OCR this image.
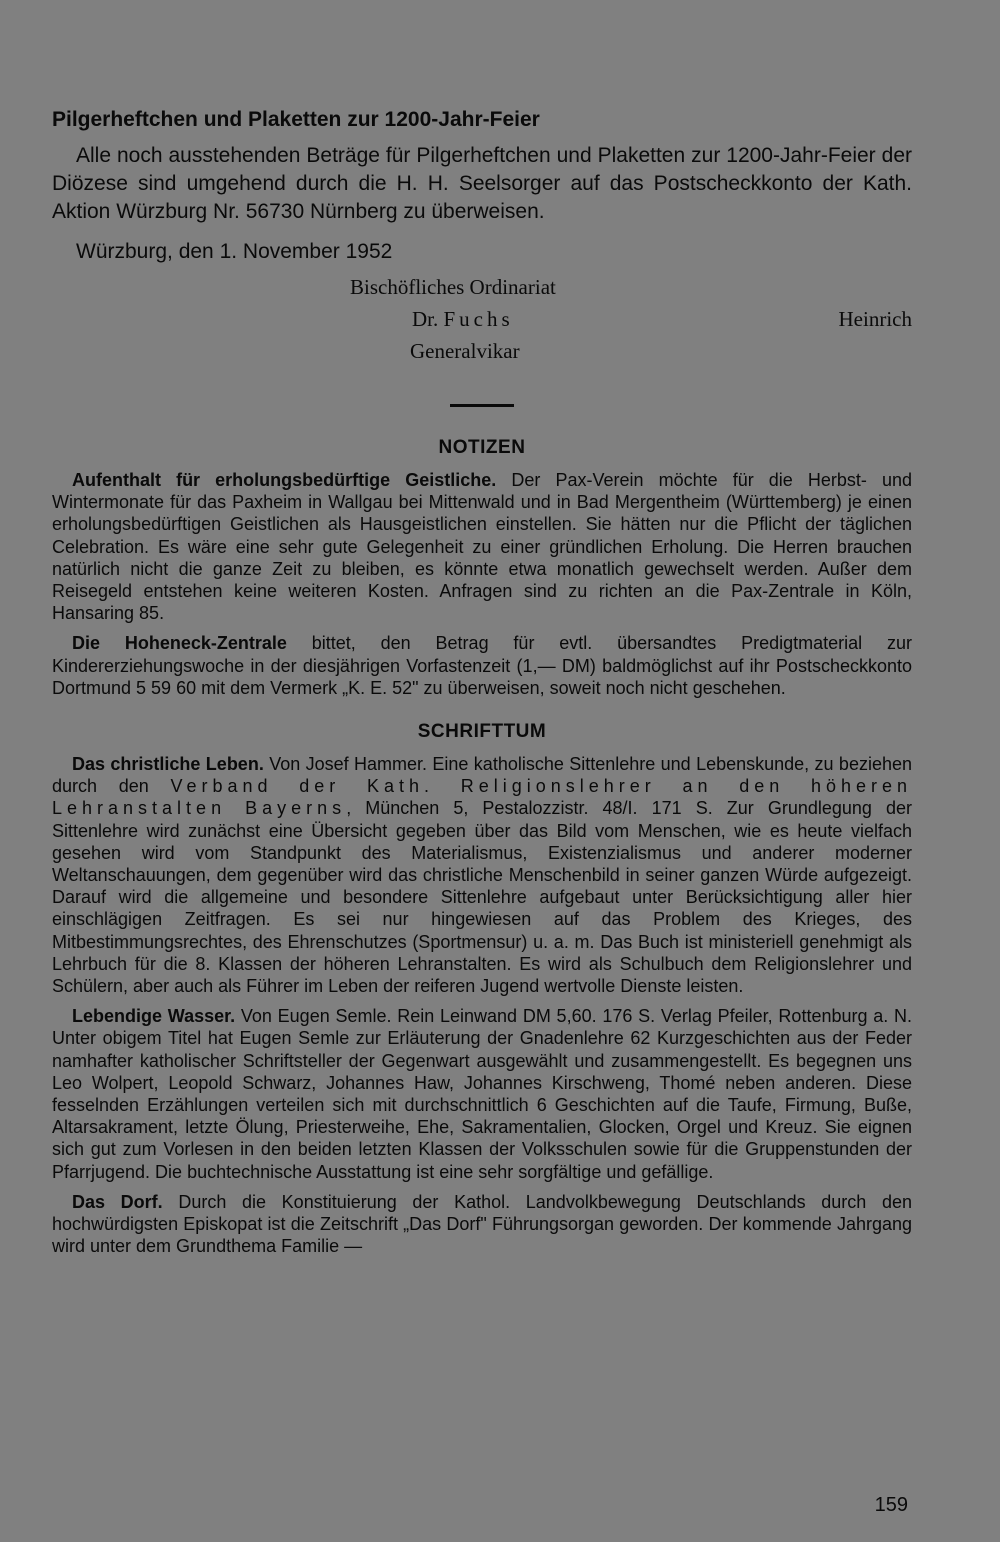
Pilgerheftchen und Plaketten zur 1200-Jahr-Feier

Alle noch ausstehenden Beträge für Pilgerheftchen und Plaketten zur 1200-Jahr-Feier der Diözese sind umgehend durch die H. H. Seelsorger auf das Postscheckkonto der Kath. Aktion Würzburg Nr. 56730 Nürnberg zu überweisen.

Würzburg, den 1. November 1952
Bischöfliches Ordinariat
Dr. Fuchs
Generalvikar
Heinrich
NOTIZEN

Aufenthalt für erholungsbedürftige Geistliche. Der Pax-Verein möchte für die Herbst- und Wintermonate für das Paxheim in Wallgau bei Mittenwald und in Bad Mergentheim (Württemberg) je einen erholungsbedürftigen Geistlichen als Hausgeistlichen einstellen. Sie hätten nur die Pflicht der täglichen Celebration. Es wäre eine sehr gute Gelegenheit zu einer gründlichen Erholung. Die Herren brauchen natürlich nicht die ganze Zeit zu bleiben, es könnte etwa monatlich gewechselt werden. Außer dem Reisegeld entstehen keine weiteren Kosten. Anfragen sind zu richten an die Pax-Zentrale in Köln, Hansaring 85.

Die Hoheneck-Zentrale bittet, den Betrag für evtl. übersandtes Predigtmaterial zur Kindererziehungswoche in der diesjährigen Vorfastenzeit (1,— DM) baldmöglichst auf ihr Postscheckkonto Dortmund 5 59 60 mit dem Vermerk „K. E. 52" zu überweisen, soweit noch nicht geschehen.

SCHRIFTTUM

Das christliche Leben. Von Josef Hammer. Eine katholische Sittenlehre und Lebenskunde, zu beziehen durch den Verband der Kath. Religionslehrer an den höheren Lehranstalten Bayerns, München 5, Pestalozzistr. 48/I. 171 S. Zur Grundlegung der Sittenlehre wird zunächst eine Übersicht gegeben über das Bild vom Menschen, wie es heute vielfach gesehen wird vom Standpunkt des Materialismus, Existenzialismus und anderer moderner Weltanschauungen, dem gegenüber wird das christliche Menschenbild in seiner ganzen Würde aufgezeigt. Darauf wird die allgemeine und besondere Sittenlehre aufgebaut unter Berücksichtigung aller hier einschlägigen Zeitfragen. Es sei nur hingewiesen auf das Problem des Krieges, des Mitbestimmungsrechtes, des Ehrenschutzes (Sportmensur) u. a. m. Das Buch ist ministeriell genehmigt als Lehrbuch für die 8. Klassen der höheren Lehranstalten. Es wird als Schulbuch dem Religionslehrer und Schülern, aber auch als Führer im Leben der reiferen Jugend wertvolle Dienste leisten.

Lebendige Wasser. Von Eugen Semle. Rein Leinwand DM 5,60. 176 S. Verlag Pfeiler, Rottenburg a. N. Unter obigem Titel hat Eugen Semle zur Erläuterung der Gnadenlehre 62 Kurzgeschichten aus der Feder namhafter katholischer Schriftsteller der Gegenwart ausgewählt und zusammengestellt. Es begegnen uns Leo Wolpert, Leopold Schwarz, Johannes Haw, Johannes Kirschweng, Thomé neben anderen. Diese fesselnden Erzählungen verteilen sich mit durchschnittlich 6 Geschichten auf die Taufe, Firmung, Buße, Altarsakrament, letzte Ölung, Priesterweihe, Ehe, Sakramentalien, Glocken, Orgel und Kreuz. Sie eignen sich gut zum Vorlesen in den beiden letzten Klassen der Volksschulen sowie für die Gruppenstunden der Pfarrjugend. Die buchtechnische Ausstattung ist eine sehr sorgfältige und gefällige.

Das Dorf. Durch die Konstituierung der Kathol. Landvolkbewegung Deutschlands durch den hochwürdigsten Episkopat ist die Zeitschrift „Das Dorf" Führungsorgan geworden. Der kommende Jahrgang wird unter dem Grundthema Familie —

159
